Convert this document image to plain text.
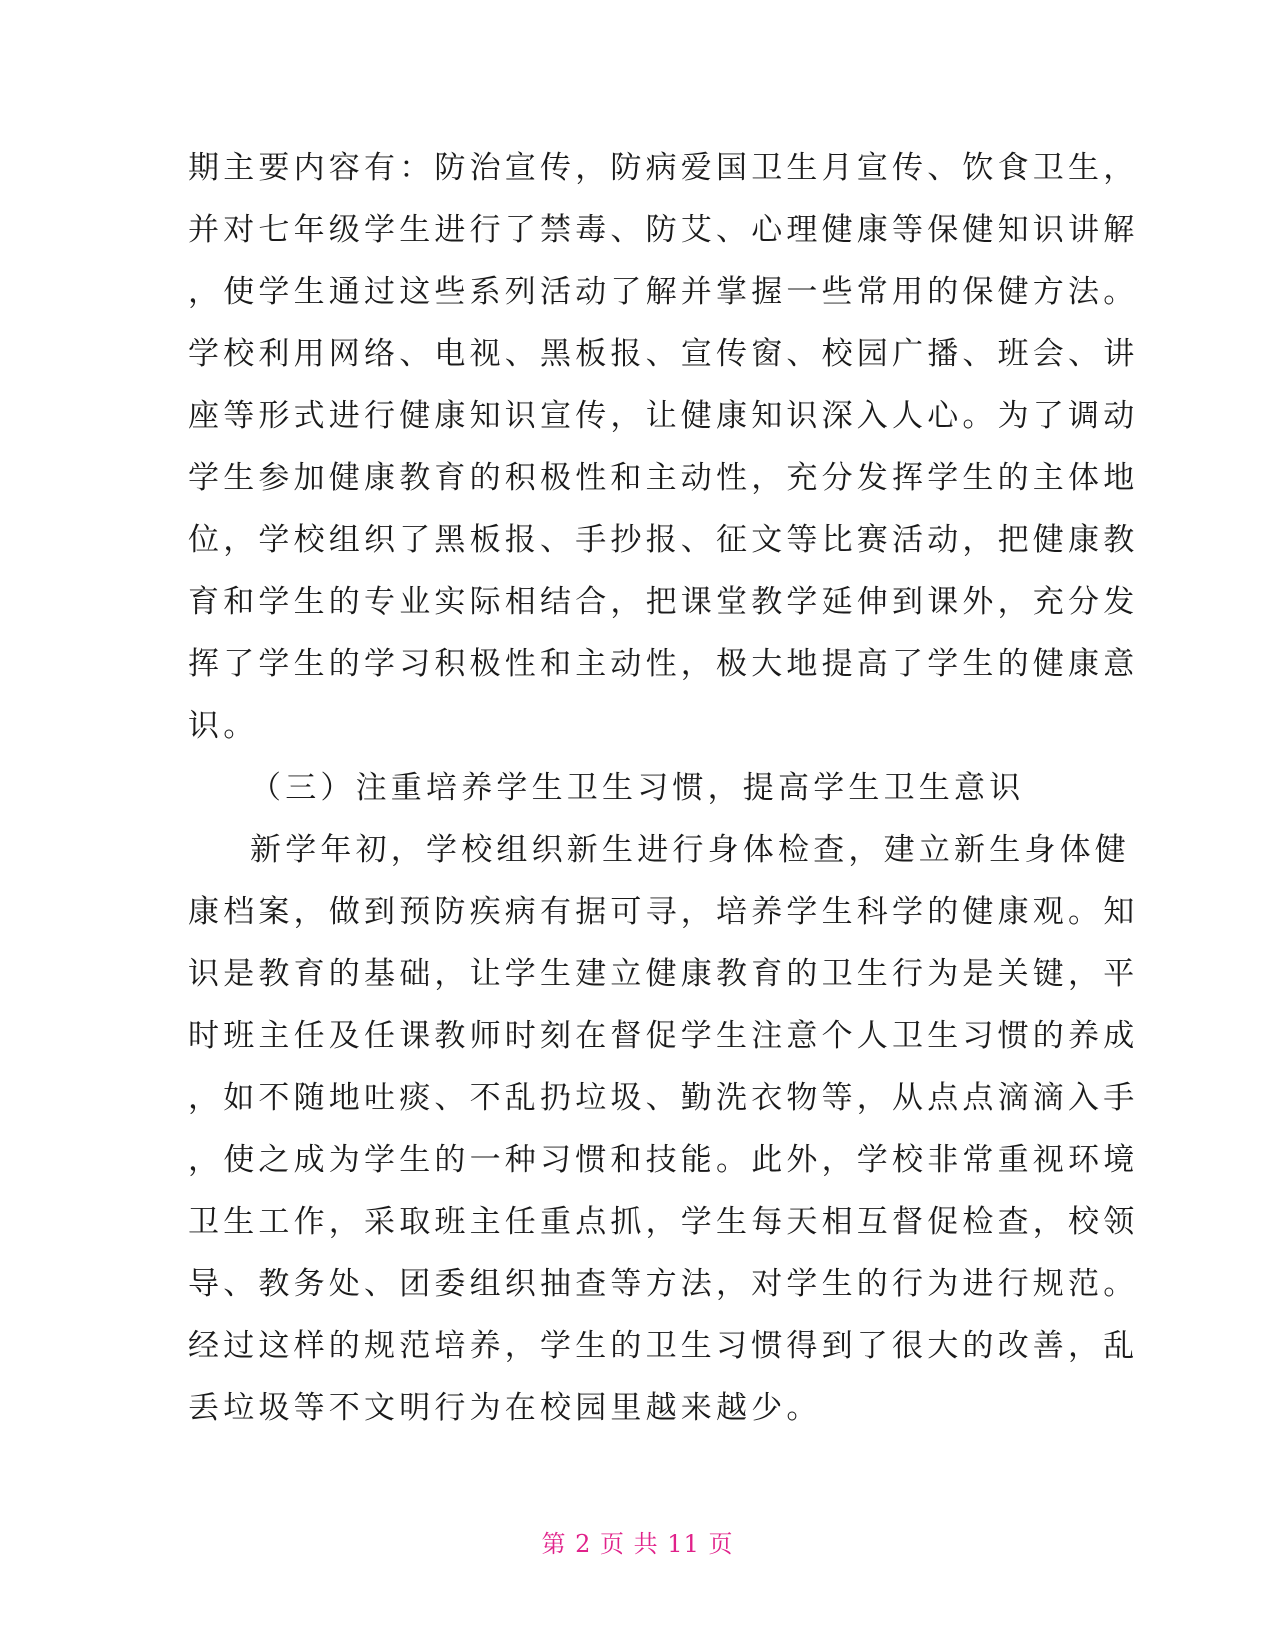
期主要内容有：防治宣传，防病爱国卫生月宣传、饮食卫生，
并对七年级学生进行了禁毒、防艾、心理健康等保健知识讲解
，使学生通过这些系列活动了解并掌握一些常用的保健方法。
学校利用网络、电视、黑板报、宣传窗、校园广播、班会、讲
座等形式进行健康知识宣传，让健康知识深入人心。为了调动
学生参加健康教育的积极性和主动性，充分发挥学生的主体地
位，学校组织了黑板报、手抄报、征文等比赛活动，把健康教
育和学生的专业实际相结合，把课堂教学延伸到课外，充分发
挥了学生的学习积极性和主动性，极大地提高了学生的健康意
识。
（三）注重培养学生卫生习惯，提高学生卫生意识
新学年初，学校组织新生进行身体检查，建立新生身体健
康档案，做到预防疾病有据可寻，培养学生科学的健康观。知
识是教育的基础，让学生建立健康教育的卫生行为是关键，平
时班主任及任课教师时刻在督促学生注意个人卫生习惯的养成
，如不随地吐痰、不乱扔垃圾、勤洗衣物等，从点点滴滴入手
，使之成为学生的一种习惯和技能。此外，学校非常重视环境
卫生工作，采取班主任重点抓，学生每天相互督促检查，校领
导、教务处、团委组织抽查等方法，对学生的行为进行规范。
经过这样的规范培养，学生的卫生习惯得到了很大的改善，乱
丢垃圾等不文明行为在校园里越来越少。
第 2 页 共 11 页
